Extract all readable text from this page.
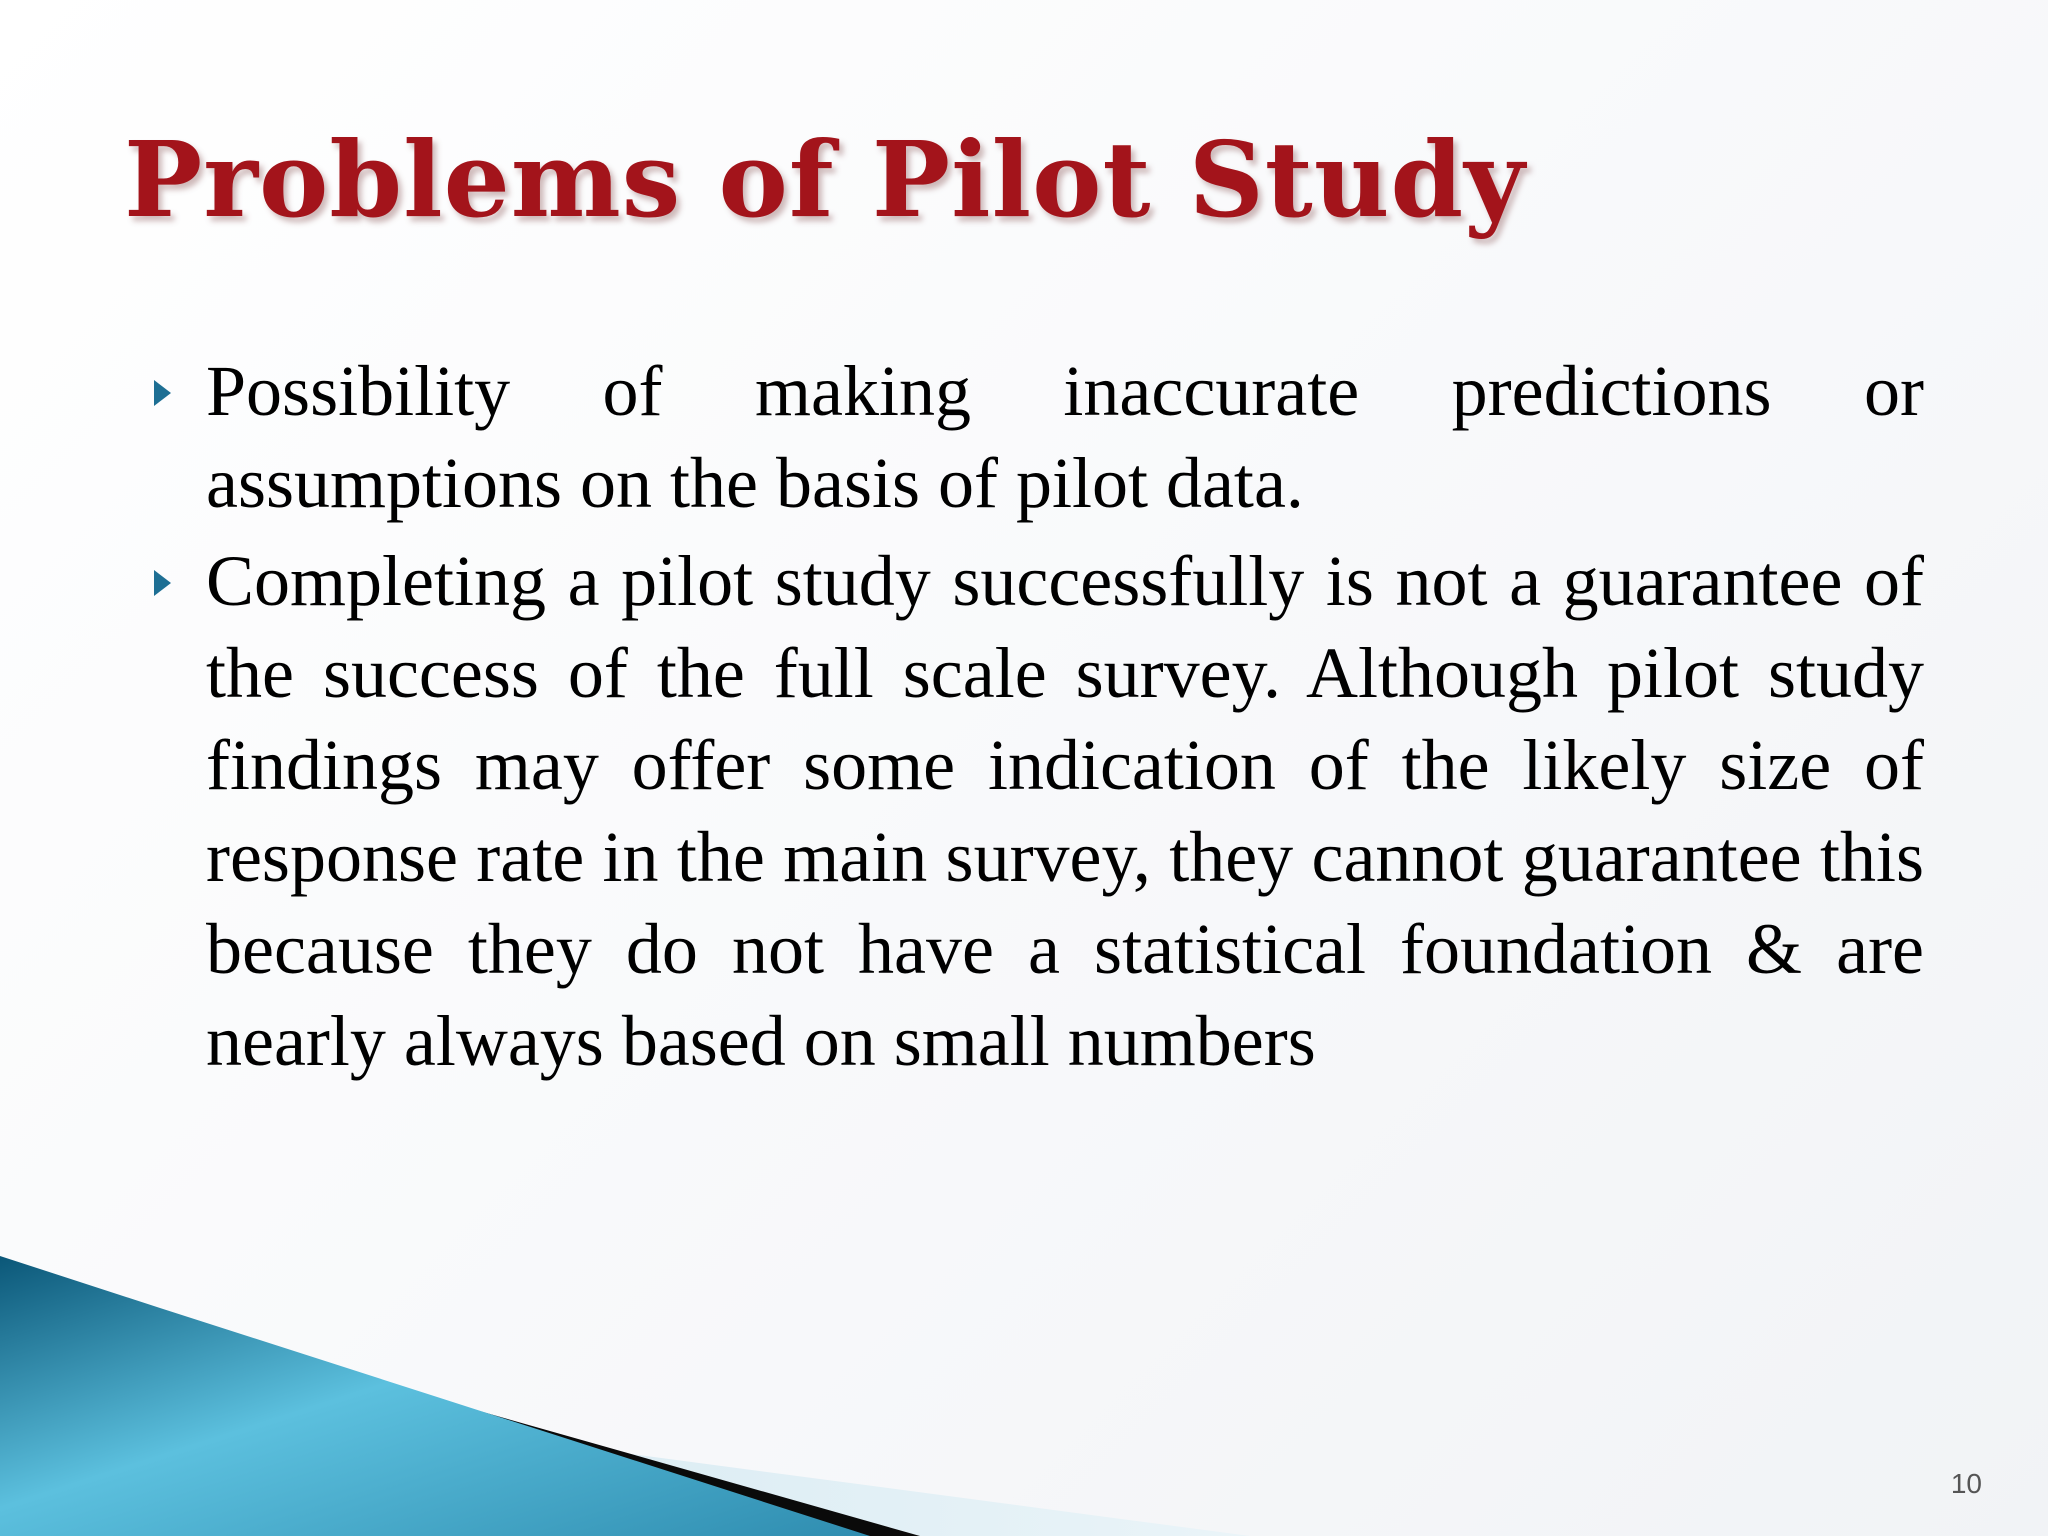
Problems of Pilot Study
Possibility of making inaccurate predictions or assumptions on the basis of pilot data.
Completing a pilot study successfully is not a guarantee of the success of the full scale survey. Although pilot study findings may offer some indication of the likely size of response rate in the main survey, they cannot guarantee this because they do not have a statistical foundation & are nearly always based on small numbers
10
